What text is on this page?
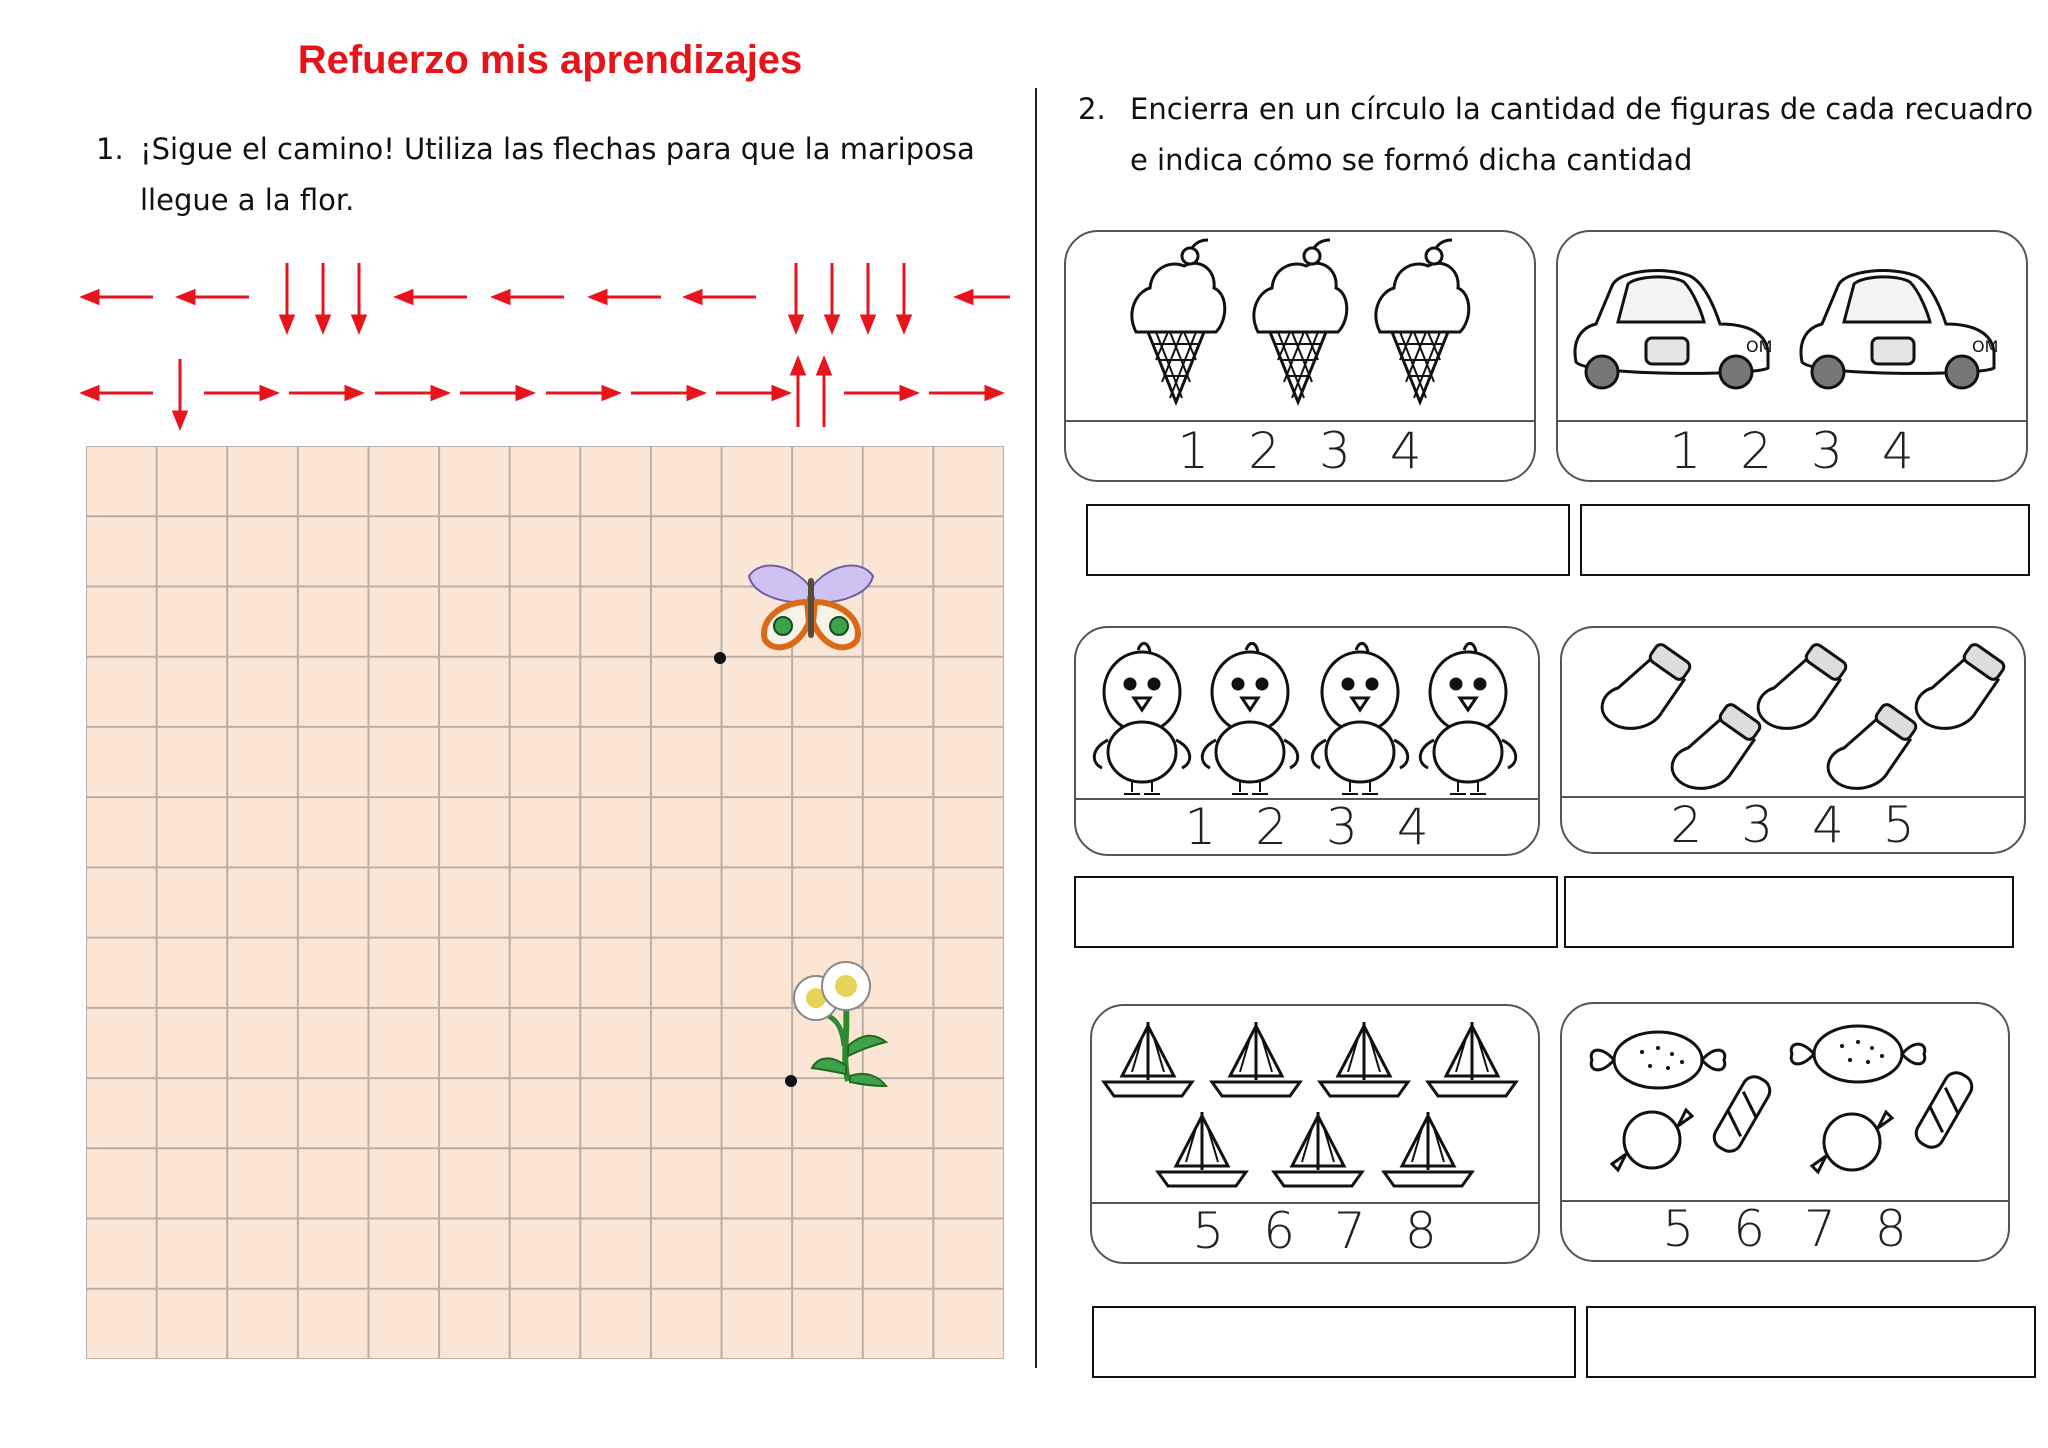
Refuerzo mis aprendizajes
1. ¡Sigue el camino! Utiliza las flechas para que la mariposa
llegue a la flor.
2. Encierra en un círculo la cantidad de figuras de cada recuadro
e indica cómo se formó dicha cantidad
1 2 3 4
OM	OM
1 2 3 4
1 2 3 4	2 3 4 5
5 6 7 8	5 6 7 8
